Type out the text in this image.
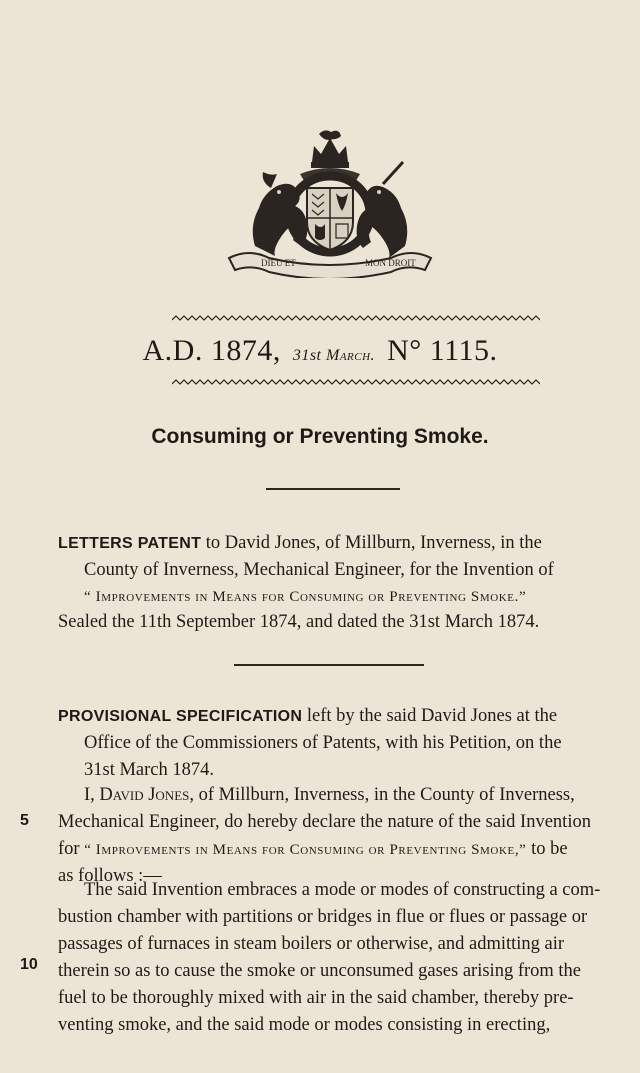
DIEU ET	MON DROIT
A.D. 1874, 31st March. N° 1115.
Consuming or Preventing Smoke.
LETTERS PATENT to David Jones, of Millburn, Inverness, in the
County of Inverness, Mechanical Engineer, for the Invention of
“ Improvements in Means for Consuming or Preventing Smoke.”
Sealed the 11th September 1874, and dated the 31st March 1874.
PROVISIONAL SPECIFICATION left by the said David Jones at the
Office of the Commissioners of Patents, with his Petition, on the
31st March 1874.
I, David Jones, of Millburn, Inverness, in the County of Inverness,
Mechanical Engineer, do hereby declare the nature of the said Invention
for “ Improvements in Means for Consuming or Preventing Smoke,” to be
as follows :—
The said Invention embraces a mode or modes of constructing a com-
bustion chamber with partitions or bridges in flue or flues or passage or
passages of furnaces in steam boilers or otherwise, and admitting air
therein so as to cause the smoke or unconsumed gases arising from the
fuel to be thoroughly mixed with air in the said chamber, thereby pre-
venting smoke, and the said mode or modes consisting in erecting,
5
10
